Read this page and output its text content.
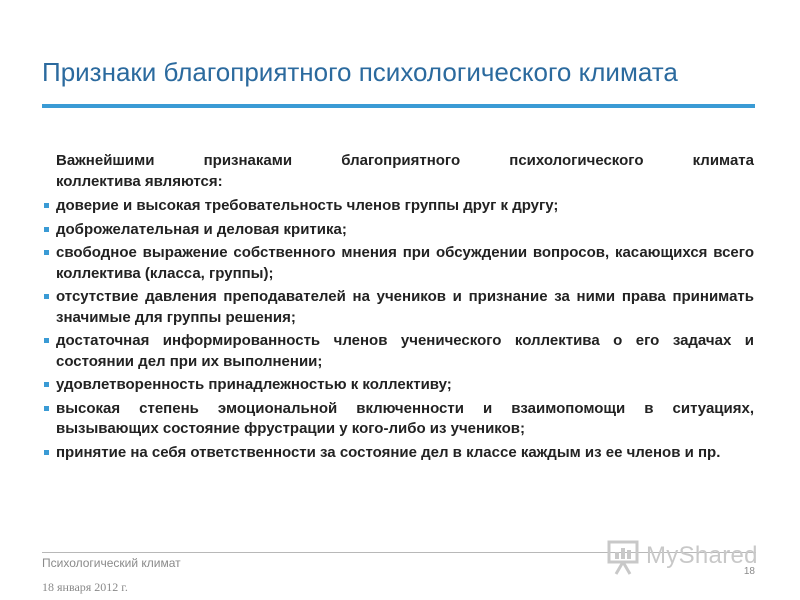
Признаки благоприятного психологического климата

Важнейшими признаками благоприятного психологического климата

коллектива являются:

доверие и высокая требовательность членов группы друг к другу;
доброжелательная и деловая критика;
свободное выражение собственного мнения при обсуждении вопросов, касающихся всего коллектива (класса, группы);
отсутствие давления преподавателей на учеников и признание за ними права принимать значимые для группы решения;
достаточная информированность членов ученического коллектива о его задачах и состоянии дел при их выполнении;
удовлетворенность принадлежностью к коллективу;
высокая степень эмоциональной включенности и взаимопомощи в ситуациях, вызывающих состояние фрустрации у кого-либо из учеников;
принятие на себя ответственности за состояние дел в классе каждым из ее членов и пр.
Психологический климат
18 января 2012 г.
18
MyShared
